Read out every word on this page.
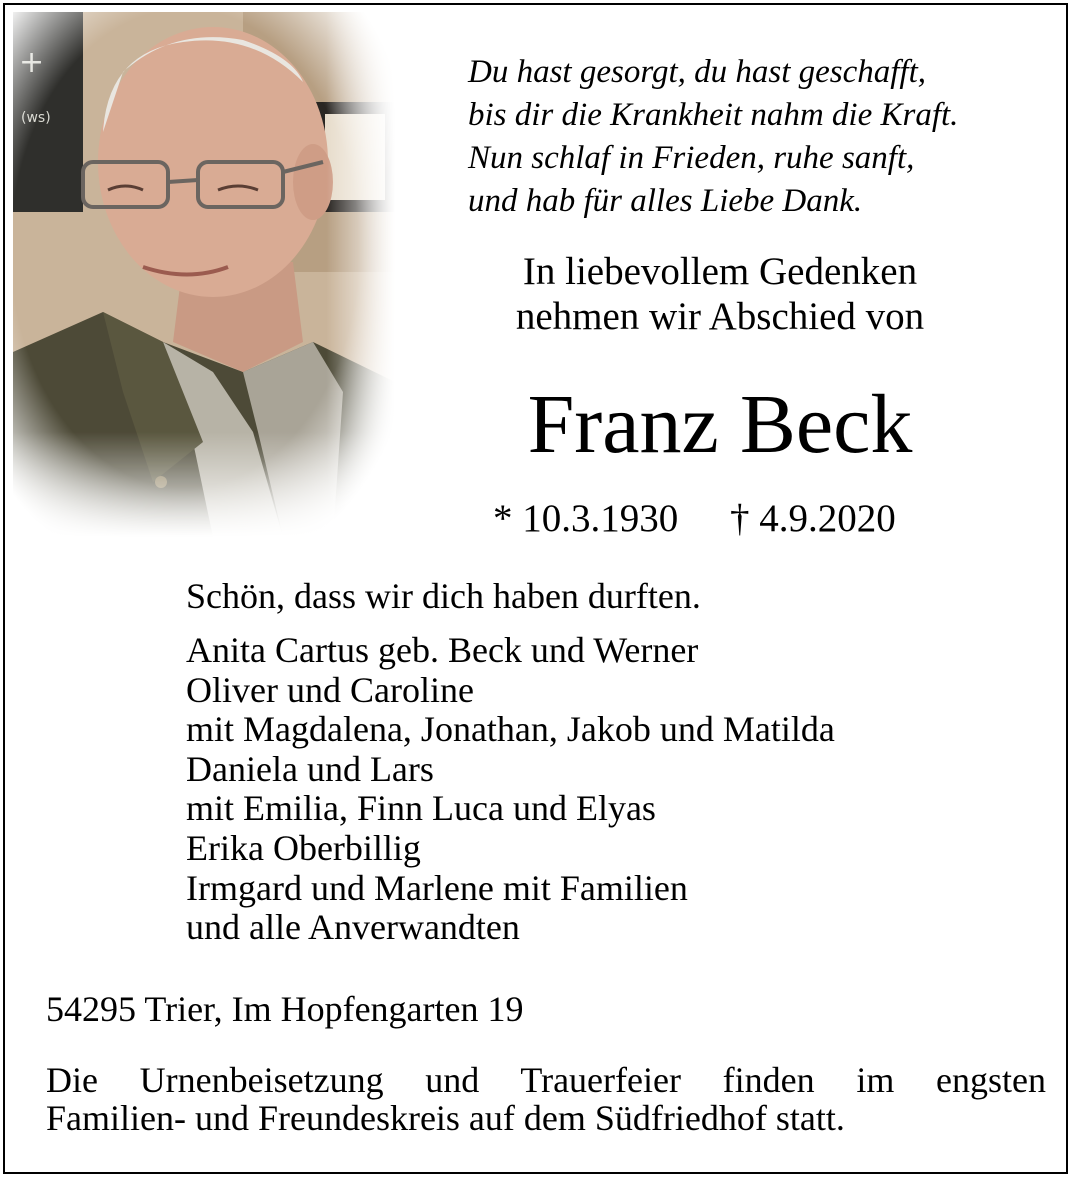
Du hast gesorgt, du hast geschafft,
bis dir die Krankheit nahm die Kraft.
Nun schlaf in Frieden, ruhe sanft,
und hab für alles Liebe Dank.
In liebevollem Gedenken
nehmen wir Abschied von
Franz Beck
* 10.3.1930 † 4.9.2020
Schön, dass wir dich haben durften.
Anita Cartus geb. Beck und Werner
Oliver und Caroline
mit Magdalena, Jonathan, Jakob und Matilda
Daniela und Lars
mit Emilia, Finn Luca und Elyas
Erika Oberbillig
Irmgard und Marlene mit Familien
und alle Anverwandten
54295 Trier, Im Hopfengarten 19
Die Urnenbeisetzung und Trauerfeier finden im engsten
Familien- und Freundeskreis auf dem Südfriedhof statt.
